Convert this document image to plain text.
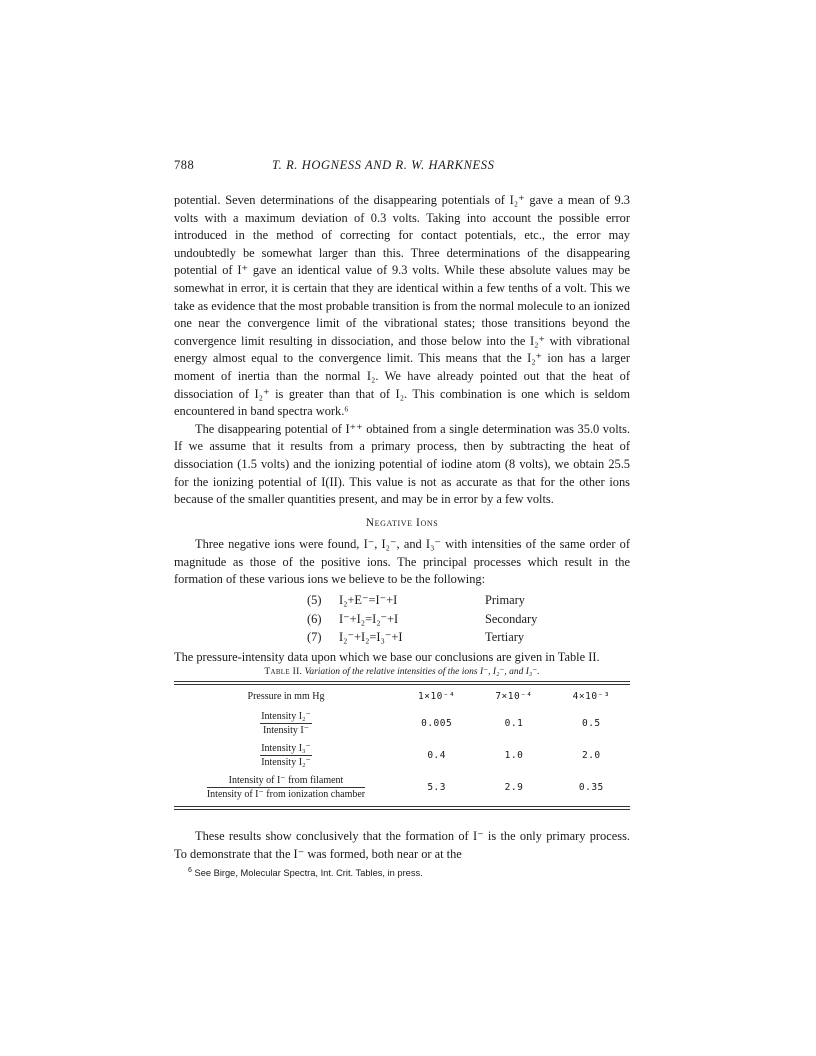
788	T. R. HOGNESS AND R. W. HARKNESS

potential. Seven determinations of the disappearing potentials of I₂⁺ gave a mean of 9.3 volts with a maximum deviation of 0.3 volts. Taking into account the possible error introduced in the method of correcting for contact potentials, etc., the error may undoubtedly be somewhat larger than this. Three determinations of the disappearing potential of I⁺ gave an identical value of 9.3 volts. While these absolute values may be somewhat in error, it is certain that they are identical within a few tenths of a volt. This we take as evidence that the most probable transition is from the normal molecule to an ionized one near the convergence limit of the vibrational states; those transitions beyond the convergence limit resulting in dissociation, and those below into the I₂⁺ with vibrational energy almost equal to the convergence limit. This means that the I₂⁺ ion has a larger moment of inertia than the normal I₂. We have already pointed out that the heat of dissociation of I₂⁺ is greater than that of I₂. This combination is one which is seldom encountered in band spectra work.⁶

The disappearing potential of I⁺⁺ obtained from a single determination was 35.0 volts. If we assume that it results from a primary process, then by subtracting the heat of dissociation (1.5 volts) and the ionizing potential of iodine atom (8 volts), we obtain 25.5 for the ionizing potential of I(II). This value is not as accurate as that for the other ions because of the smaller quantities present, and may be in error by a few volts.

Negative Ions

Three negative ions were found, I⁻, I₂⁻, and I₃⁻ with intensities of the same order of magnitude as those of the positive ions. The principal processes which result in the formation of these various ions we believe to be the following:

(5)	I₂+E⁻=I⁻+I	Primary
(6)	I⁻+I₂=I₂⁻+I	Secondary
(7)	I₂⁻+I₂=I₃⁻+I	Tertiary

The pressure-intensity data upon which we base our conclusions are given in Table II.

Table II. Variation of the relative intensities of the ions I⁻, I₂⁻, and I₃⁻.
Pressure in mm Hg	1×10⁻⁴	7×10⁻⁴	4×10⁻³

$\frac{\text{Intensity I₂⁻}}{\text{Intensity I⁻}}$	0.005	0.1	0.5

$\frac{\text{Intensity I₃⁻}}{\text{Intensity I₂⁻}}$	0.4	1.0	2.0

$\frac{\text{Intensity of I⁻ from filament}}{\text{Intensity of I⁻ from ionization chamber}}$	5.3	2.9	0.35

These results show conclusively that the formation of I⁻ is the only primary process. To demonstrate that the I⁻ was formed, both near or at the

$^6$ See Birge, Molecular Spectra, Int. Crit. Tables, in press.
